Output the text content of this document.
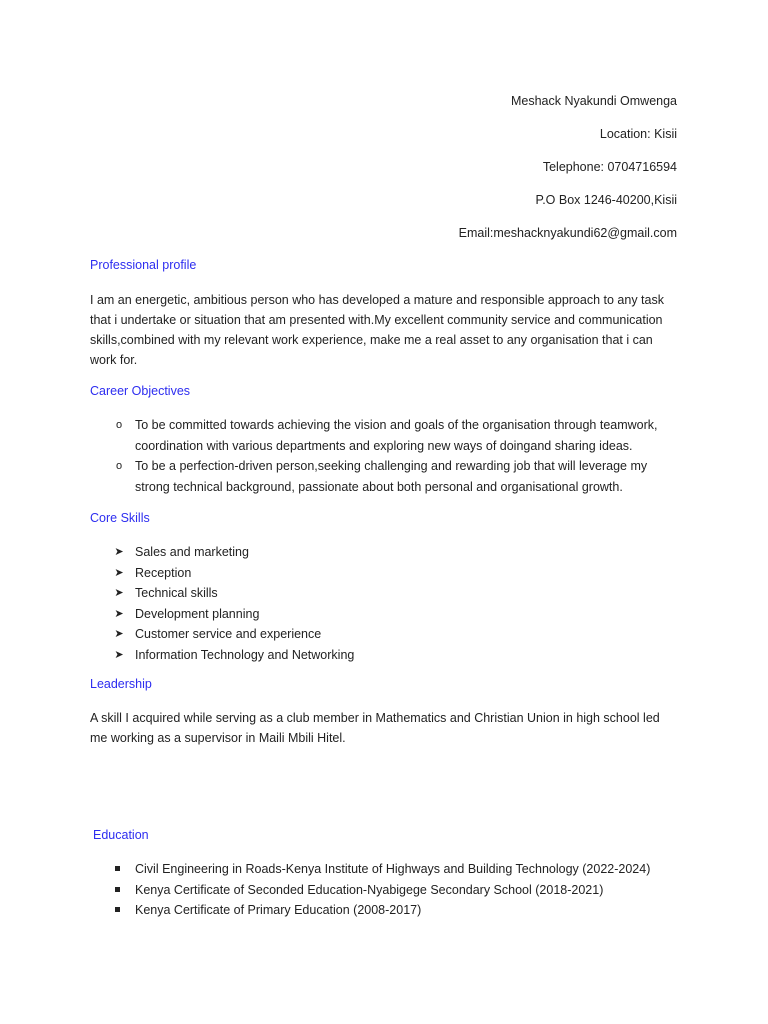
Meshack Nyakundi Omwenga
Location: Kisii
Telephone: 0704716594
P.O Box 1246-40200,Kisii
Email:meshacknyakundi62@gmail.com
Professional profile
I am an energetic, ambitious person who has developed a mature and responsible approach to any task that i undertake or situation that am presented with.My excellent community service and communication skills,combined with my relevant work experience, make me a real asset to any organisation that i can work for.
Career Objectives
o	To be committed towards achieving the vision and goals of the organisation through teamwork, coordination with various departments and exploring new ways of doingand sharing ideas.
o	To be a perfection-driven person,seeking challenging and rewarding job that will leverage my strong technical background, passionate about both personal and organisational growth.
Core Skills
➤ Sales and marketing
➤ Reception
➤ Technical skills
➤ Development planning
➤ Customer service and experience
➤ Information Technology and Networking
Leadership
A skill I acquired while serving as a club member in Mathematics and Christian Union in high school led me working as a supervisor in Maili Mbili Hitel.
Education
Civil Engineering in Roads-Kenya Institute of Highways and Building Technology (2022-2024)
Kenya Certificate of Seconded Education-Nyabigege Secondary School (2018-2021)
Kenya Certificate of Primary Education (2008-2017)
